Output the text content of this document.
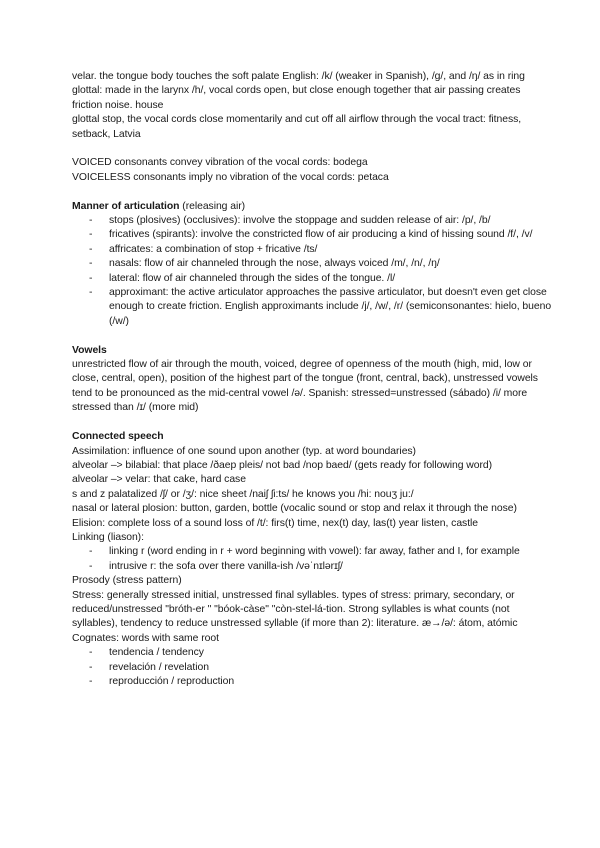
velar. the tongue body touches the soft palate English: /k/ (weaker in Spanish), /g/, and /ŋ/ as in ring

glottal: made in the larynx /h/, vocal cords open, but close enough together that air passing creates friction noise. house

glottal stop, the vocal cords close momentarily and cut off all airflow through the vocal tract: fitness, setback, Latvia

VOICED consonants convey vibration of the vocal cords: bodega

VOICELESS consonants imply no vibration of the vocal cords: petaca

Manner of articulation (releasing air)

- stops (plosives) (occlusives): involve the stoppage and sudden release of air: /p/, /b/
- fricatives (spirants): involve the constricted flow of air producing a kind of hissing sound /f/, /v/
- affricates: a combination of stop + fricative /ts/
- nasals: flow of air channeled through the nose, always voiced /m/, /n/, /ŋ/
- lateral: flow of air channeled through the sides of the tongue. /l/
- approximant: the active articulator approaches the passive articulator, but doesn't even get close enough to create friction. English approximants include /j/, /w/, /r/ (semiconsonantes: hielo, bueno (/w/)

Vowels

unrestricted flow of air through the mouth, voiced, degree of openness of the mouth (high, mid, low or close, central, open), position of the highest part of the tongue (front, central, back), unstressed vowels tend to be pronounced as the mid-central vowel /ə/. Spanish: stressed=unstressed (sábado) /i/ more stressed than /ɪ/ (more mid)

Connected speech

Assimilation: influence of one sound upon another (typ. at word boundaries)

alveolar –> bilabial: that place /ðaep pleis/ not bad /nop baed/ (gets ready for following word)

alveolar –> velar: that cake, hard case

s and z palatalized /ʃ/ or /ʒ/: nice sheet /naiʃ ʃi:ts/ he knows you /hi: nouʒ ju:/

nasal or lateral plosion: button, garden, bottle (vocalic sound or stop and relax it through the nose)

Elision: complete loss of a sound loss of /t/: firs(t) time, nex(t) day, las(t) year listen, castle

Linking (liason):

- linking r (word ending in r + word beginning with vowel): far away, father and I, for example
- intrusive r: the sofa over there vanilla-ish /vəˈnɪlərɪʃ/

Prosody (stress pattern)

Stress: generally stressed initial, unstressed final syllables. types of stress: primary, secondary, or reduced/unstressed "bróth-er " "bóok-càse" "còn-stel-lá-tion. Strong syllables is what counts (not syllables), tendency to reduce unstressed syllable (if more than 2): literature. æ→/ə/: átom, atómic

Cognates: words with same root

- tendencia / tendency
- revelación / revelation
- reproducción / reproduction
